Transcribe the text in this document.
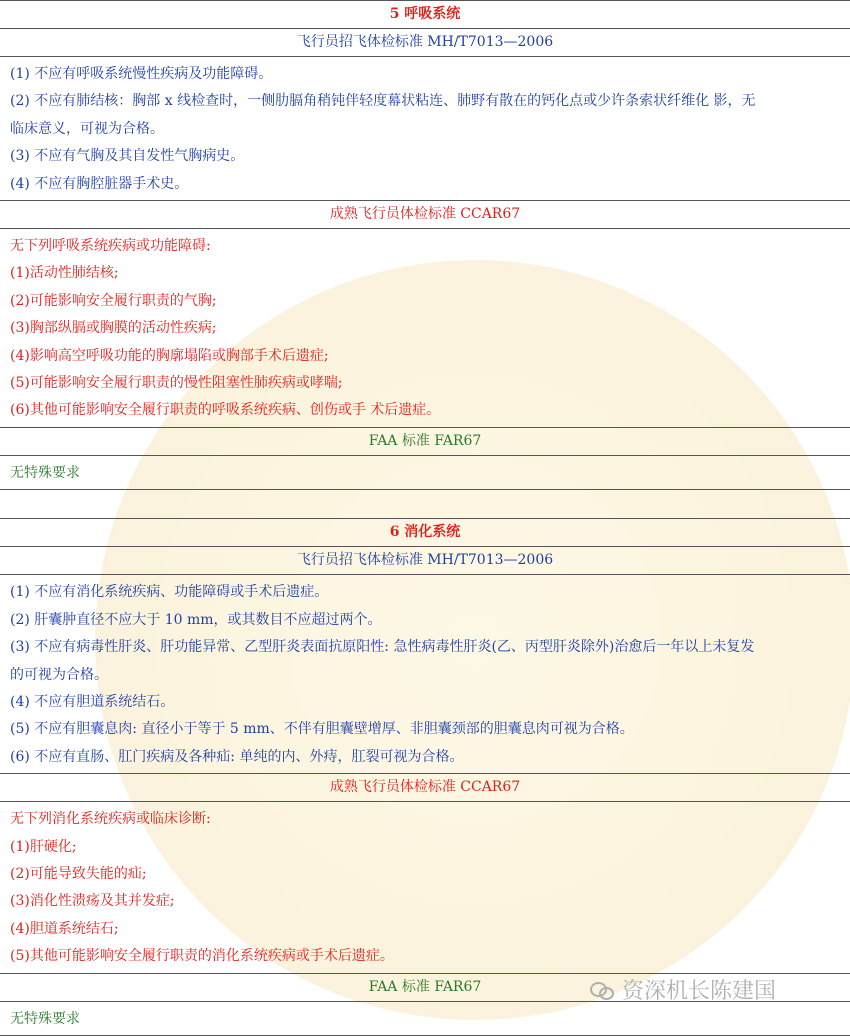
5 呼吸系统
飞行员招飞体检标准 MH/T7013—2006
(1) 不应有呼吸系统慢性疾病及功能障碍。
(2) 不应有肺结核：胸部 x 线检查时，一侧肋膈角稍钝伴轻度幕状粘连、肺野有散在的钙化点或少许条索状纤维化 影，无
临床意义，可视为合格。
(3) 不应有气胸及其自发性气胸病史。
(4) 不应有胸腔脏器手术史。
成熟飞行员体检标准 CCAR67
无下列呼吸系统疾病或功能障碍:
(1)活动性肺结核;
(2)可能影响安全履行职责的气胸;
(3)胸部纵膈或胸膜的活动性疾病;
(4)影响高空呼吸功能的胸廓塌陷或胸部手术后遗症;
(5)可能影响安全履行职责的慢性阻塞性肺疾病或哮喘;
(6)其他可能影响安全履行职责的呼吸系统疾病、创伤或手 术后遗症。
FAA 标准 FAR67
无特殊要求
6 消化系统
飞行员招飞体检标准 MH/T7013—2006
(1) 不应有消化系统疾病、功能障碍或手术后遗症。
(2) 肝囊肿直径不应大于 10 mm，或其数目不应超过两个。
(3) 不应有病毒性肝炎、肝功能异常、乙型肝炎表面抗原阳性: 急性病毒性肝炎(乙、丙型肝炎除外)治愈后一年以上未复发
的可视为合格。
(4) 不应有胆道系统结石。
(5) 不应有胆囊息肉: 直径小于等于 5 mm、不伴有胆囊壁增厚、非胆囊颈部的胆囊息肉可视为合格。
(6) 不应有直肠、肛门疾病及各种疝: 单纯的内、外痔，肛裂可视为合格。
成熟飞行员体检标准 CCAR67
无下列消化系统疾病或临床诊断:
(1)肝硬化;
(2)可能导致失能的疝;
(3)消化性溃疡及其并发症;
(4)胆道系统结石;
(5)其他可能影响安全履行职责的消化系统疾病或手术后遗症。
FAA 标准 FAR67
无特殊要求
资深机长陈建国
